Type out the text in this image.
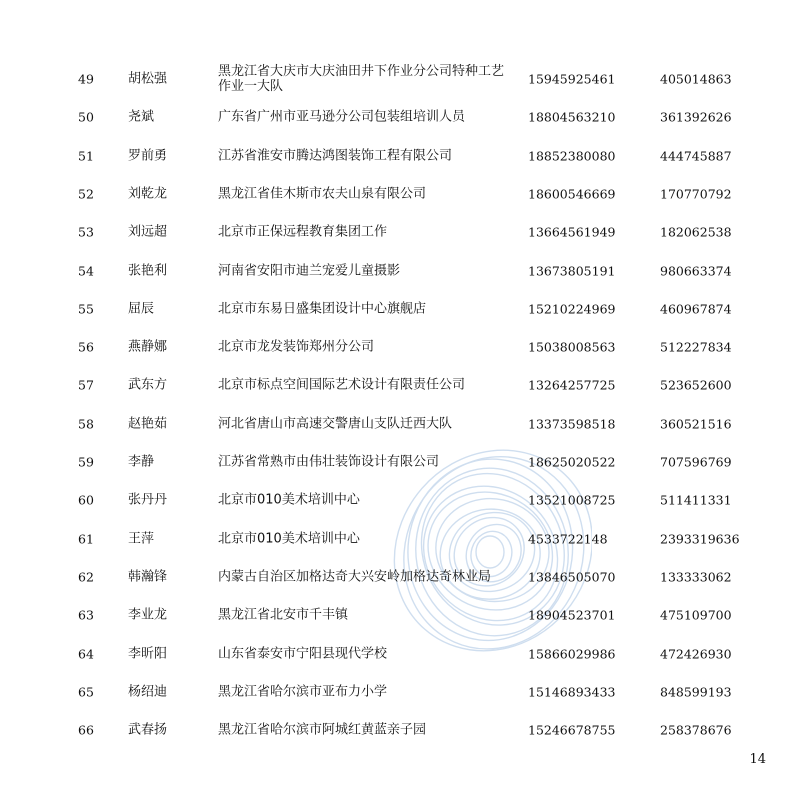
49	胡松强	黑龙江省大庆市大庆油田井下作业分公司特种工艺作业一大队	15945925461	405014863
50	尧斌	广东省广州市亚马逊分公司包装组培训人员	18804563210	361392626
51	罗前勇	江苏省淮安市腾达鸿图装饰工程有限公司	18852380080	444745887
52	刘乾龙	黑龙江省佳木斯市农夫山泉有限公司	18600546669	170770792
53	刘远超	北京市正保远程教育集团工作	13664561949	182062538
54	张艳利	河南省安阳市迪兰宠爱儿童摄影	13673805191	980663374
55	屈辰	北京市东易日盛集团设计中心旗舰店	15210224969	460967874
56	燕静娜	北京市龙发装饰郑州分公司	15038008563	512227834
57	武东方	北京市标点空间国际艺术设计有限责任公司	13264257725	523652600
58	赵艳茹	河北省唐山市高速交警唐山支队迁西大队	13373598518	360521516
59	李静	江苏省常熟市由伟壮装饰设计有限公司	18625020522	707596769
60	张丹丹	北京市010美术培训中心	13521008725	511411331
61	王萍	北京市010美术培训中心	4533722148	2393319636
62	韩瀚锋	内蒙古自治区加格达奇大兴安岭加格达奇林业局	13846505070	133333062
63	李业龙	黑龙江省北安市千丰镇	18904523701	475109700
64	李昕阳	山东省泰安市宁阳县现代学校	15866029986	472426930
65	杨绍迪	黑龙江省哈尔滨市亚布力小学	15146893433	848599193
66	武春扬	黑龙江省哈尔滨市阿城红黄蓝亲子园	15246678755	258378676
14
